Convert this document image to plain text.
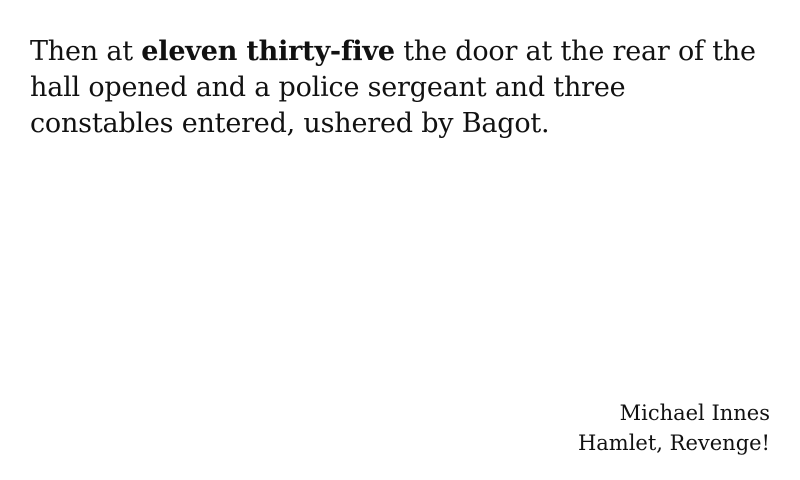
Then at eleven thirty-five the door at the rear of the hall opened and a police sergeant and three constables entered, ushered by Bagot.

Michael Innes
Hamlet, Revenge!
